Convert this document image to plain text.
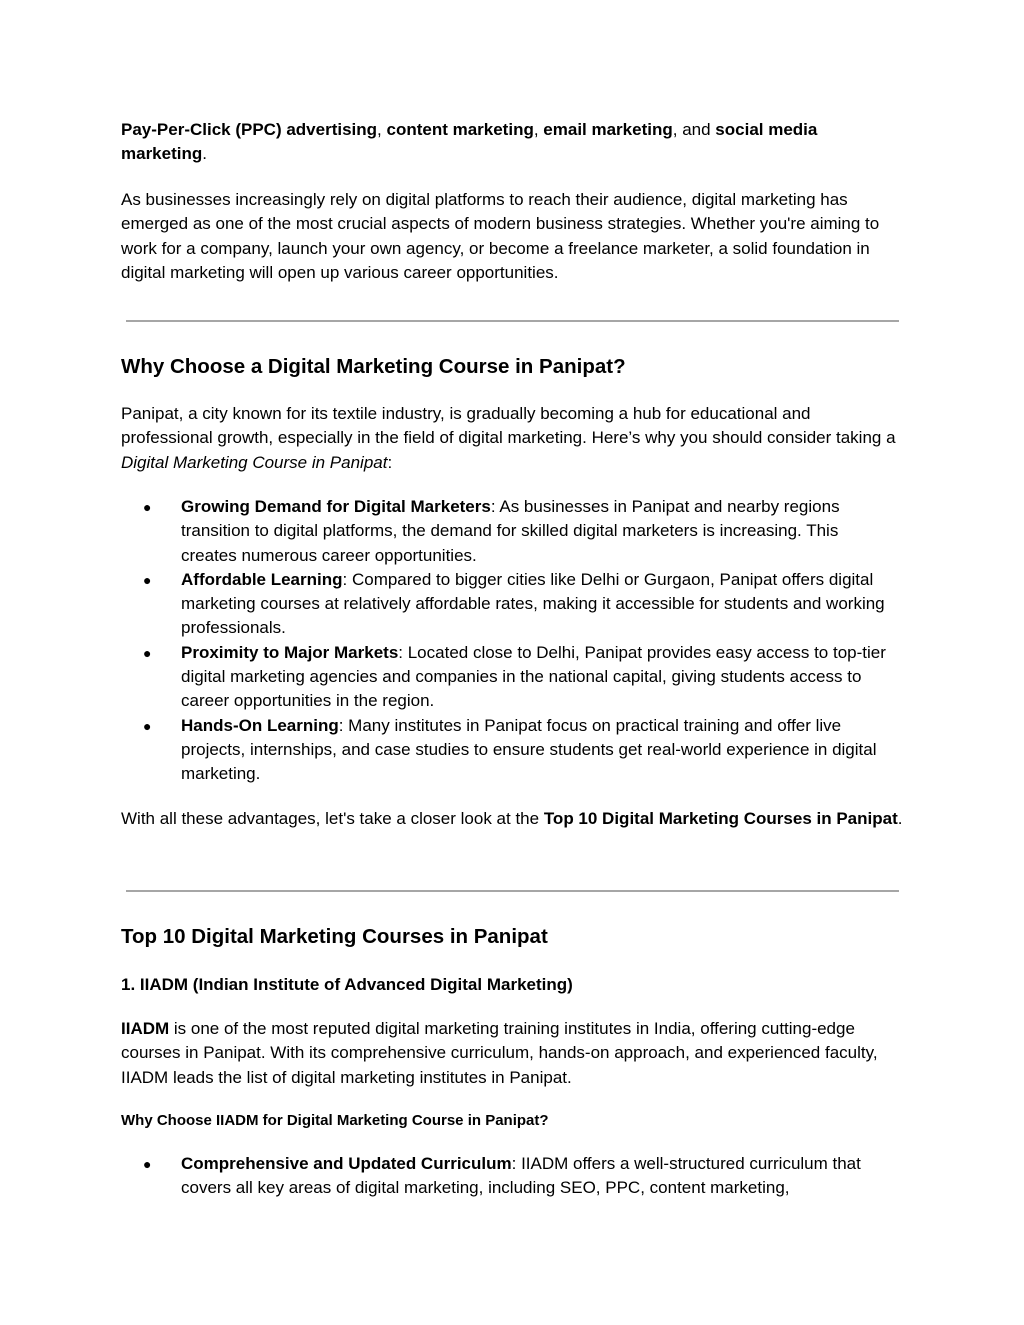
Pay-Per-Click (PPC) advertising, content marketing, email marketing, and social media marketing.

As businesses increasingly rely on digital platforms to reach their audience, digital marketing has emerged as one of the most crucial aspects of modern business strategies. Whether you're aiming to work for a company, launch your own agency, or become a freelance marketer, a solid foundation in digital marketing will open up various career opportunities.

Why Choose a Digital Marketing Course in Panipat?

Panipat, a city known for its textile industry, is gradually becoming a hub for educational and professional growth, especially in the field of digital marketing. Here’s why you should consider taking a Digital Marketing Course in Panipat:

● Growing Demand for Digital Marketers: As businesses in Panipat and nearby regions transition to digital platforms, the demand for skilled digital marketers is increasing. This creates numerous career opportunities.
● Affordable Learning: Compared to bigger cities like Delhi or Gurgaon, Panipat offers digital marketing courses at relatively affordable rates, making it accessible for students and working professionals.
● Proximity to Major Markets: Located close to Delhi, Panipat provides easy access to top-tier digital marketing agencies and companies in the national capital, giving students access to career opportunities in the region.
● Hands-On Learning: Many institutes in Panipat focus on practical training and offer live projects, internships, and case studies to ensure students get real-world experience in digital marketing.

With all these advantages, let's take a closer look at the Top 10 Digital Marketing Courses in Panipat.

Top 10 Digital Marketing Courses in Panipat
1. IIADM (Indian Institute of Advanced Digital Marketing)

IIADM is one of the most reputed digital marketing training institutes in India, offering cutting-edge courses in Panipat. With its comprehensive curriculum, hands-on approach, and experienced faculty, IIADM leads the list of digital marketing institutes in Panipat.

Why Choose IIADM for Digital Marketing Course in Panipat?
● Comprehensive and Updated Curriculum: IIADM offers a well-structured curriculum that covers all key areas of digital marketing, including SEO, PPC, content marketing,
